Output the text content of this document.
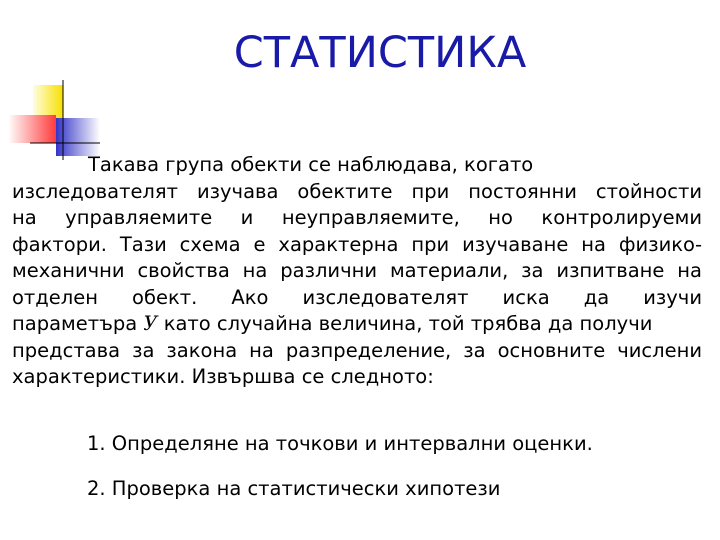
СТАТИСТИКА
Такава група обекти се наблюдава, когато
изследователят изучава обектите при постоянни стойности
на управляемите и неуправляемите, но контролируеми
фактори. Тази схема е характерна при изучаване на физико-
механични свойства на различни материали, за изпитване на
отделен обект. Ако изследователят иска да изучи
параметъра У като случайна величина, той трябва да получи
представа за закона на разпределение, за основните числени
характеристики. Извършва се следното:
1. Определяне на точкови и интервални оценки.
2. Проверка на статистически хипотези
